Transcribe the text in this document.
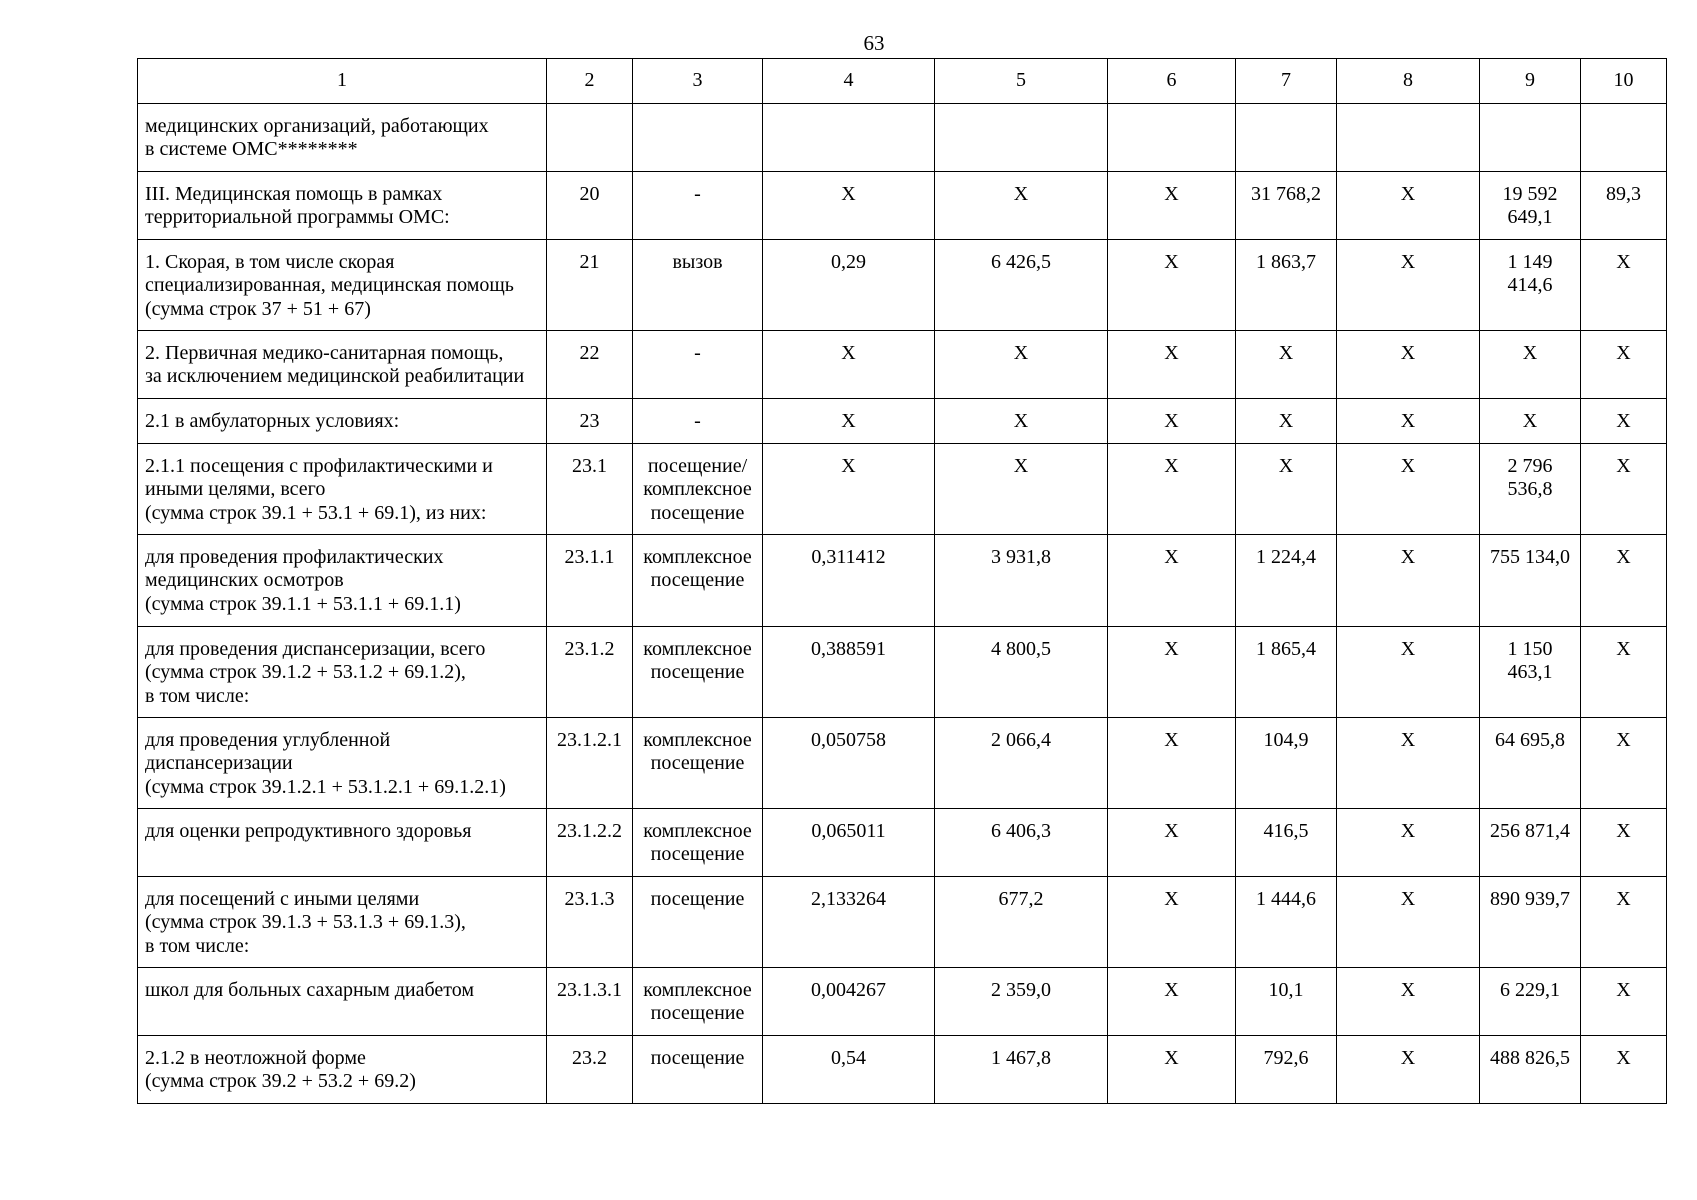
63
1	2	3	4	5	6	7	8	9	10
медицинских организаций, работающих
в системе ОМС********									
III. Медицинская помощь в рамках
территориальной программы ОМС:	20	-	X	X	X	31 768,2	X	19 592 649,1	89,3
1. Скорая, в том числе скорая
специализированная, медицинская помощь
(сумма строк 37 + 51 + 67)	21	вызов	0,29	6 426,5	X	1 863,7	X	1 149 414,6	X
2. Первичная медико-санитарная помощь,
за исключением медицинской реабилитации	22	-	X	X	X	X	X	X	X
2.1 в амбулаторных условиях:	23	-	X	X	X	X	X	X	X
2.1.1 посещения с профилактическими и
иными целями, всего
(сумма строк 39.1 + 53.1 + 69.1), из них:	23.1	посещение/
комплексное
посещение	X	X	X	X	X	2 796 536,8	X
для проведения профилактических
медицинских осмотров
(сумма строк 39.1.1 + 53.1.1 + 69.1.1)	23.1.1	комплексное
посещение	0,311412	3 931,8	X	1 224,4	X	755 134,0	X
для проведения диспансеризации, всего
(сумма строк 39.1.2 + 53.1.2 + 69.1.2),
в том числе:	23.1.2	комплексное
посещение	0,388591	4 800,5	X	1 865,4	X	1 150 463,1	X
для проведения углубленной
диспансеризации
(сумма строк 39.1.2.1 + 53.1.2.1 + 69.1.2.1)	23.1.2.1	комплексное
посещение	0,050758	2 066,4	X	104,9	X	64 695,8	X
для оценки репродуктивного здоровья	23.1.2.2	комплексное
посещение	0,065011	6 406,3	X	416,5	X	256 871,4	X
для посещений с иными целями
(сумма строк 39.1.3 + 53.1.3 + 69.1.3),
в том числе:	23.1.3	посещение	2,133264	677,2	X	1 444,6	X	890 939,7	X
школ для больных сахарным диабетом	23.1.3.1	комплексное
посещение	0,004267	2 359,0	X	10,1	X	6 229,1	X
2.1.2 в неотложной форме
(сумма строк 39.2 + 53.2 + 69.2)	23.2	посещение	0,54	1 467,8	X	792,6	X	488 826,5	X
